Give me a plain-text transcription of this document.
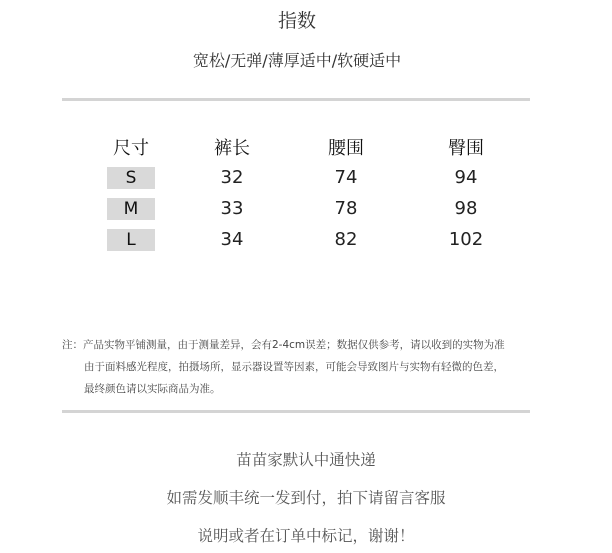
指数
宽松/无弹/薄厚适中/软硬适中
尺寸	裤长	腰围	臀围
S	32	74	94
M	33	78	98
L	34	82	102
注：产品实物平铺测量，由于测量差异，会有2-4cm误差；数据仅供参考，请以收到的实物为准
由于面料感光程度，拍摄场所，显示器设置等因素，可能会导致图片与实物有轻微的色差，
最终颜色请以实际商品为准。
苗苗家默认中通快递
如需发顺丰统一发到付，拍下请留言客服
说明或者在订单中标记，谢谢！
